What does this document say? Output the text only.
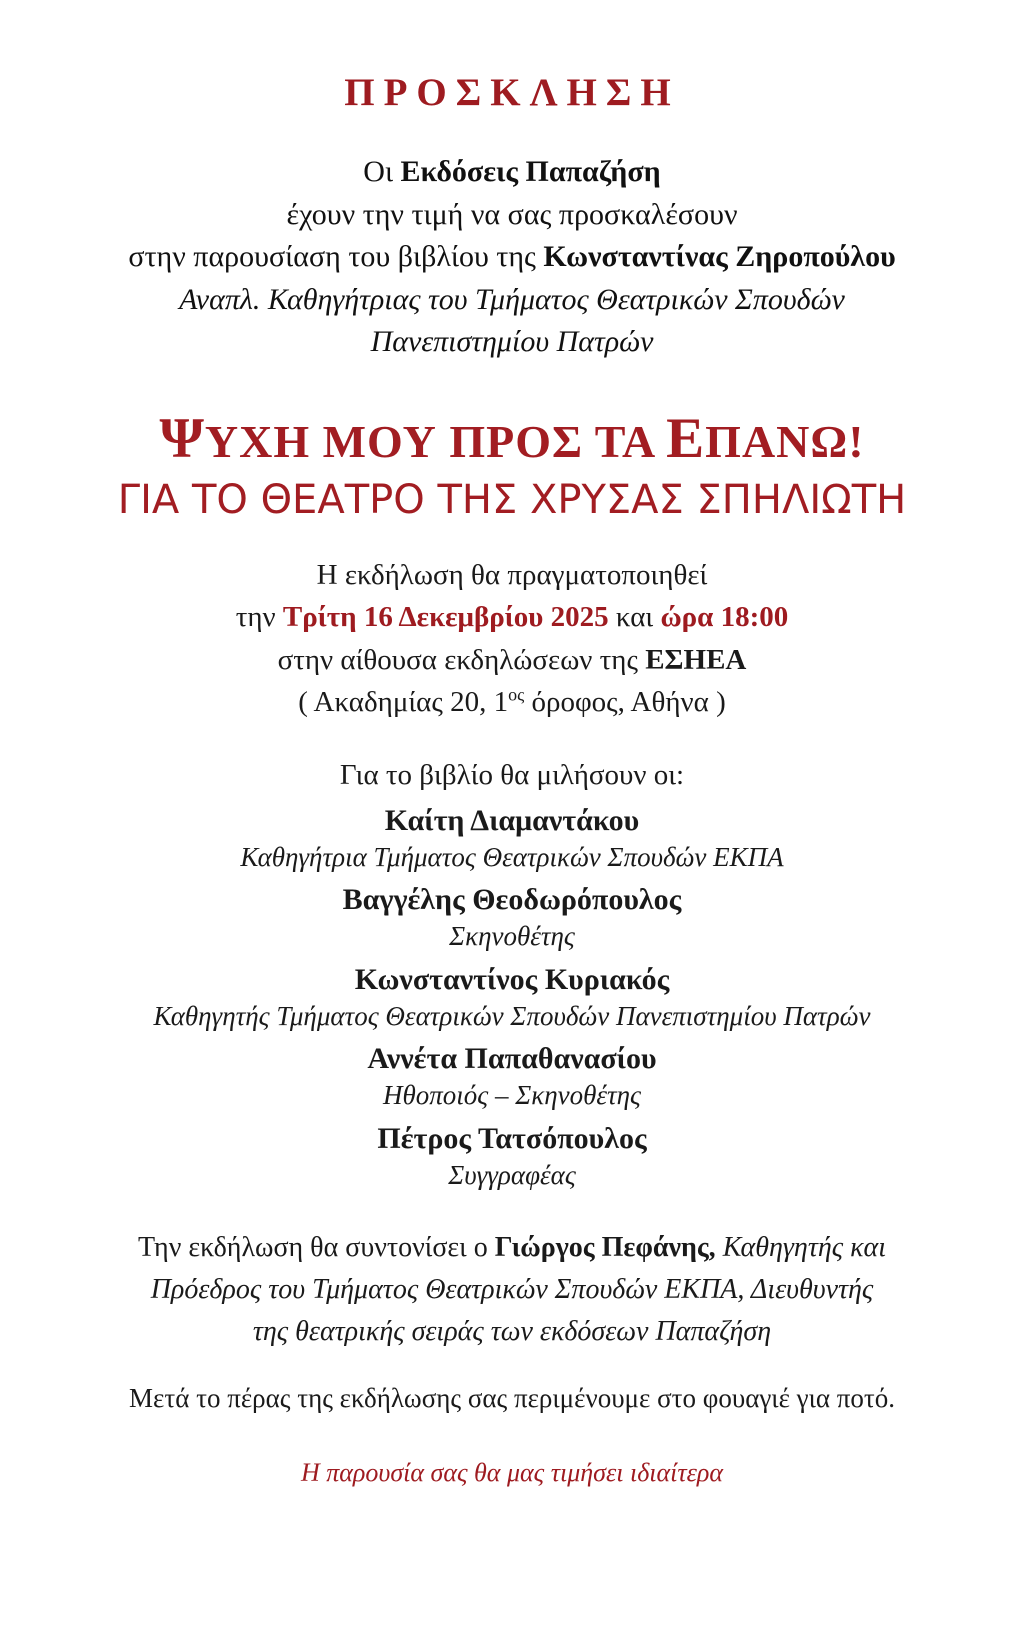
ΠΡΟΣΚΛΗΣΗ
Οι Εκδόσεις Παπαζήση
έχουν την τιμή να σας προσκαλέσουν
στην παρουσίαση του βιβλίου της Κωνσταντίνας Ζηροπούλου
Αναπλ. Καθηγήτριας του Τμήματος Θεατρικών Σπουδών
Πανεπιστημίου Πατρών
ΨΥΧΗ ΜΟΥ ΠΡΟΣ ΤΑ ΕΠΑΝΩ!
ΓΙΑ ΤΟ ΘΕΑΤΡΟ ΤΗΣ ΧΡΥΣΑΣ ΣΠΗΛΙΩΤΗ
Η εκδήλωση θα πραγματοποιηθεί
την Τρίτη 16 Δεκεμβρίου 2025 και ώρα 18:00
στην αίθουσα εκδηλώσεων της ΕΣΗΕΑ
( Ακαδημίας 20, $1^{o\varsigma}$ όροφος, Αθήνα )
Για το βιβλίο θα μιλήσουν οι:
Καίτη Διαμαντάκου
Καθηγήτρια Τμήματος Θεατρικών Σπουδών ΕΚΠΑ
Βαγγέλης Θεοδωρόπουλος
Σκηνοθέτης
Κωνσταντίνος Κυριακός
Καθηγητής Τμήματος Θεατρικών Σπουδών Πανεπιστημίου Πατρών
Αννέτα Παπαθανασίου
Ηθοποιός – Σκηνοθέτης
Πέτρος Τατσόπουλος
Συγγραφέας
Την εκδήλωση θα συντονίσει ο Γιώργος Πεφάνης, Καθηγητής και
Πρόεδρος του Τμήματος Θεατρικών Σπουδών ΕΚΠΑ, Διευθυντής
της θεατρικής σειράς των εκδόσεων Παπαζήση
Μετά το πέρας της εκδήλωσης σας περιμένουμε στο φουαγιέ για ποτό.
Η παρουσία σας θα μας τιμήσει ιδιαίτερα
